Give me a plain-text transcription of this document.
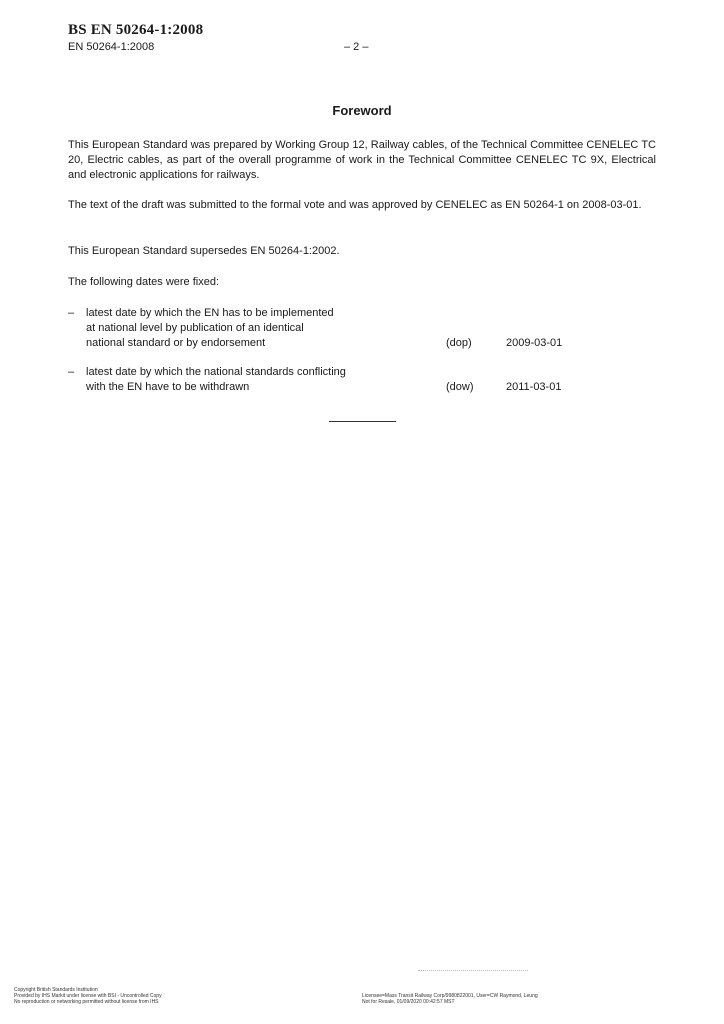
BS EN 50264-1:2008
EN 50264-1:2008	– 2 –
Foreword
This European Standard was prepared by Working Group 12, Railway cables, of the Technical Committee CENELEC TC 20, Electric cables, as part of the overall programme of work in the Technical Committee CENELEC TC 9X, Electrical and electronic applications for railways.
The text of the draft was submitted to the formal vote and was approved by CENELEC as EN 50264-1 on 2008-03-01.
This European Standard supersedes EN 50264-1:2002.
The following dates were fixed:
– latest date by which the EN has to be implemented
at national level by publication of an identical
national standard or by endorsement	(dop)	2009-03-01
– latest date by which the national standards conflicting
with the EN have to be withdrawn	(dow)	2011-03-01
Copyright British Standards Institution
Provided by IHS Markit under license with BSI - Uncontrolled Copy
No reproduction or networking permitted without license from IHS
Licensee=Mass Transit Railway Corp/9980822001, User=CW Raymond, Leung
Not for Resale, 01/09/2020 00:42:57 MST
